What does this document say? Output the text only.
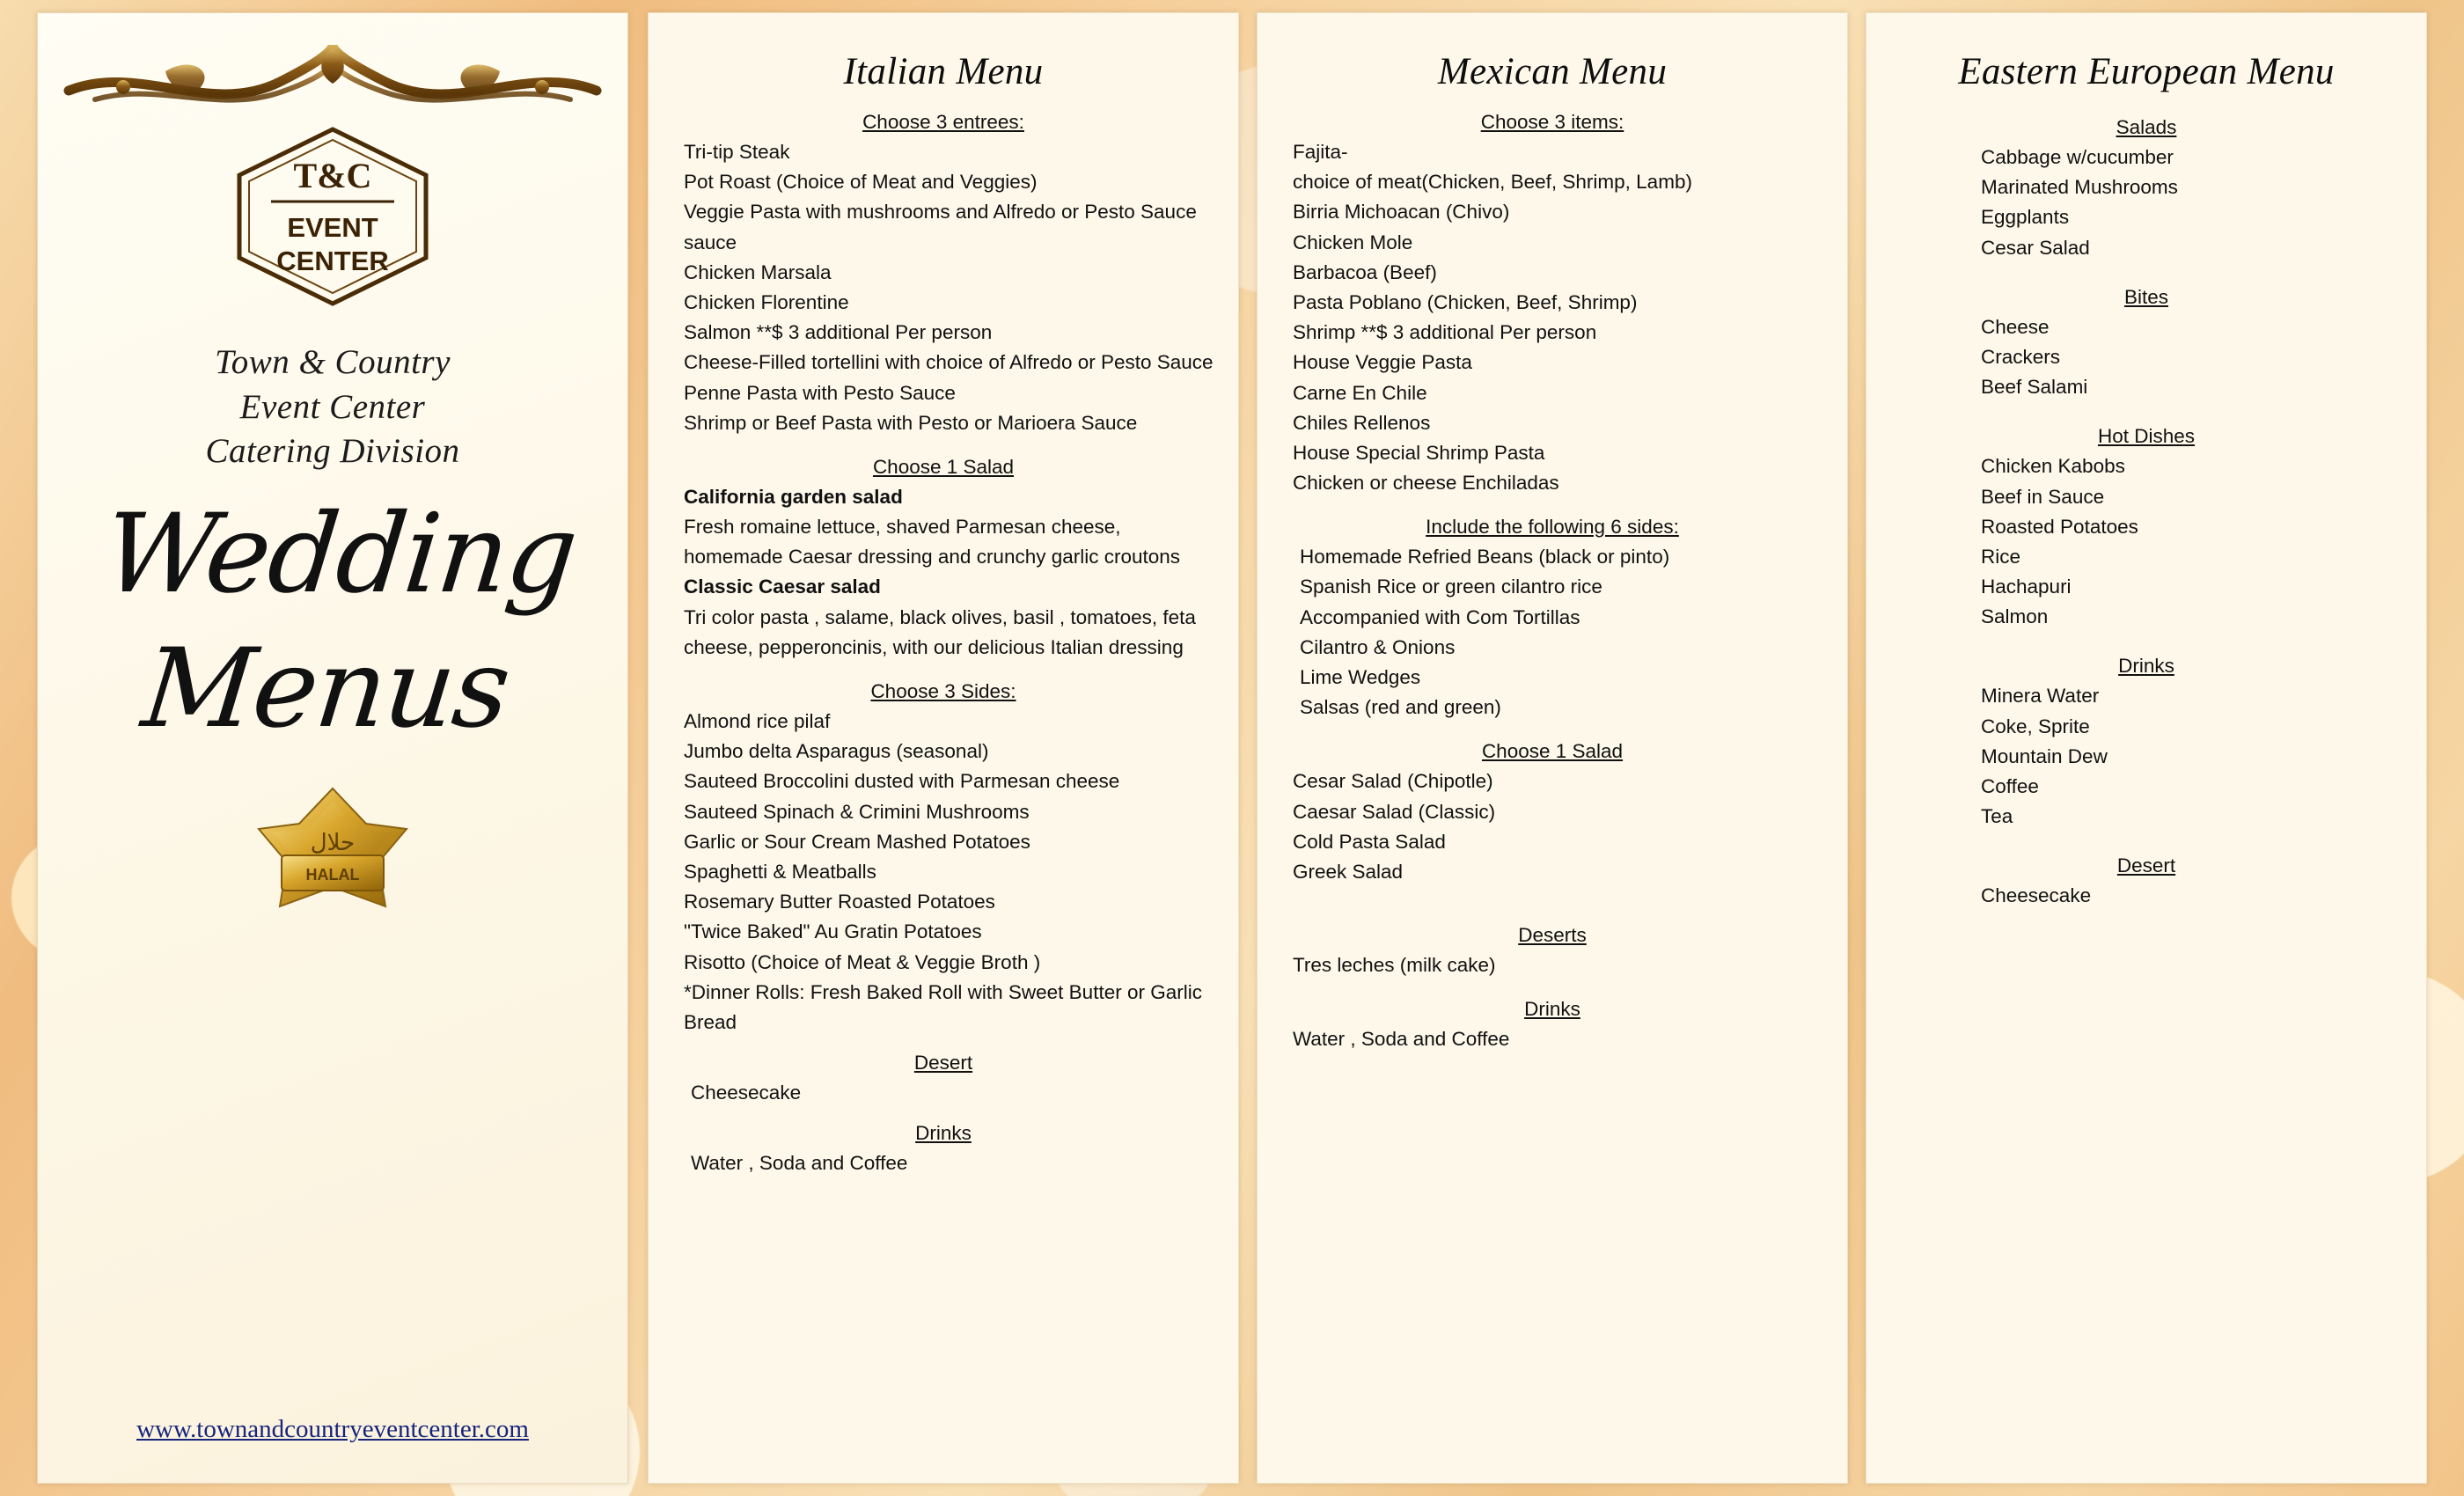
T&C
EVENT
CENTER
Town & Country
Event Center
Catering Division
Wedding
Menus
حلال
HALAL
www.townandcountryeventcenter.com
Italian Menu
Choose 3 entrees:
Tri-tip Steak
Pot Roast (Choice of Meat and Veggies)
Veggie Pasta with mushrooms and Alfredo or Pesto Sauce sauce
Chicken Marsala
Chicken Florentine
Salmon **$ 3 additional Per person
Cheese-Filled tortellini with choice of Alfredo or Pesto Sauce
Penne Pasta with Pesto Sauce
Shrimp or Beef Pasta with Pesto or Marioera Sauce
Choose 1 Salad
California garden salad
Fresh romaine lettuce, shaved Parmesan cheese, homemade Caesar dressing and crunchy garlic croutons
Classic Caesar salad
Tri color pasta , salame, black olives, basil , tomatoes, feta cheese, pepperoncinis, with our delicious Italian dressing
Choose 3 Sides:
Almond rice pilaf
Jumbo delta Asparagus (seasonal)
Sauteed Broccolini dusted with Parmesan cheese
Sauteed Spinach & Crimini Mushrooms
Garlic or Sour Cream Mashed Potatoes
Spaghetti & Meatballs
Rosemary Butter Roasted Potatoes
"Twice Baked" Au Gratin Potatoes
Risotto (Choice of Meat & Veggie Broth )
*Dinner Rolls: Fresh Baked Roll with Sweet Butter or Garlic Bread
Desert
Cheesecake
Drinks
Water , Soda and Coffee
Mexican Menu
Choose 3 items:
Fajita-
choice of meat(Chicken, Beef, Shrimp, Lamb)
Birria Michoacan (Chivo)
Chicken Mole
Barbacoa (Beef)
Pasta Poblano (Chicken, Beef, Shrimp)
Shrimp **$ 3 additional Per person
House Veggie Pasta
Carne En Chile
Chiles Rellenos
House Special Shrimp Pasta
Chicken or cheese Enchiladas
Include the following 6 sides:
Homemade Refried Beans (black or pinto)
Spanish Rice or green cilantro rice
Accompanied with Com Tortillas
Cilantro & Onions
Lime Wedges
Salsas (red and green)
Choose 1 Salad
Cesar Salad (Chipotle)
Caesar Salad (Classic)
Cold Pasta Salad
Greek Salad
Deserts
Tres leches (milk cake)
Drinks
Water , Soda and Coffee
Eastern European Menu
Salads
Cabbage w/cucumber
Marinated Mushrooms
Eggplants
Cesar Salad
Bites
Cheese
Crackers
Beef Salami
Hot Dishes
Chicken Kabobs
Beef in Sauce
Roasted Potatoes
Rice
Hachapuri
Salmon
Drinks
Minera Water
Coke, Sprite
Mountain Dew
Coffee
Tea
Desert
Cheesecake
